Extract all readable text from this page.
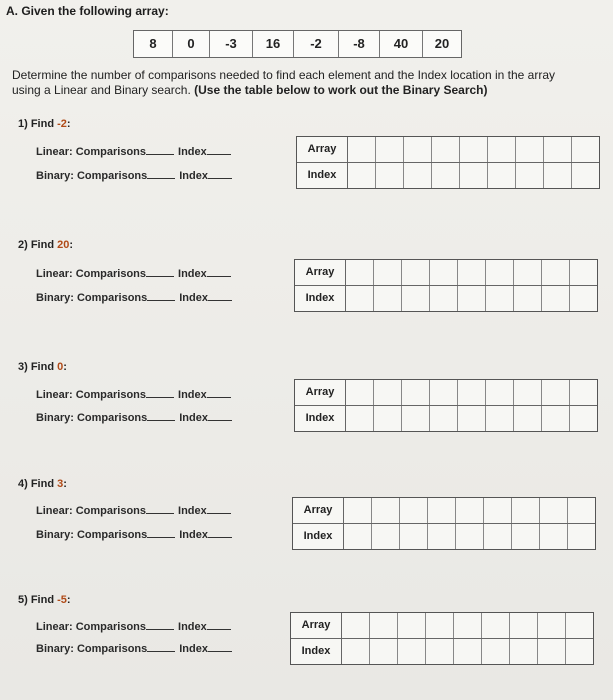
A. Given the following array:
8	0	-3	16	-2	-8	40	20
Determine the number of comparisons needed to find each element and the Index location in the array
using a Linear and Binary search. (Use the table below to work out the Binary Search)
1) Find -2:
Linear: Comparisons	Index
Binary: Comparisons	Index
Array
Index
2) Find 20:
Linear: Comparisons	Index
Binary: Comparisons	Index
Array
Index
3) Find 0:
Linear: Comparisons	Index
Binary: Comparisons	Index
Array
Index
4) Find 3:
Linear: Comparisons	Index
Binary: Comparisons	Index
Array
Index
5) Find -5:
Linear: Comparisons	Index
Binary: Comparisons	Index
Array
Index
